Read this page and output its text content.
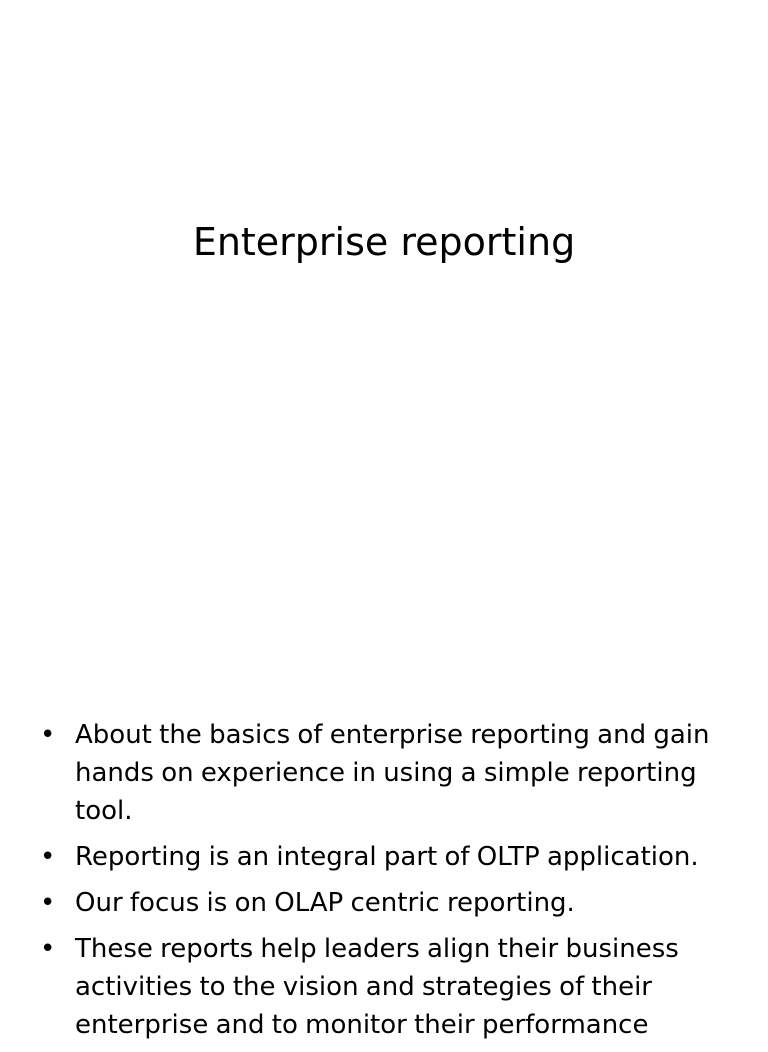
Enterprise reporting
• About the basics of enterprise reporting and gain hands on experience in using a simple reporting tool.
• Reporting is an integral part of OLTP application.
• Our focus is on OLAP centric reporting.
• These reports help leaders align their business activities to the vision and strategies of their enterprise and to monitor their performance
